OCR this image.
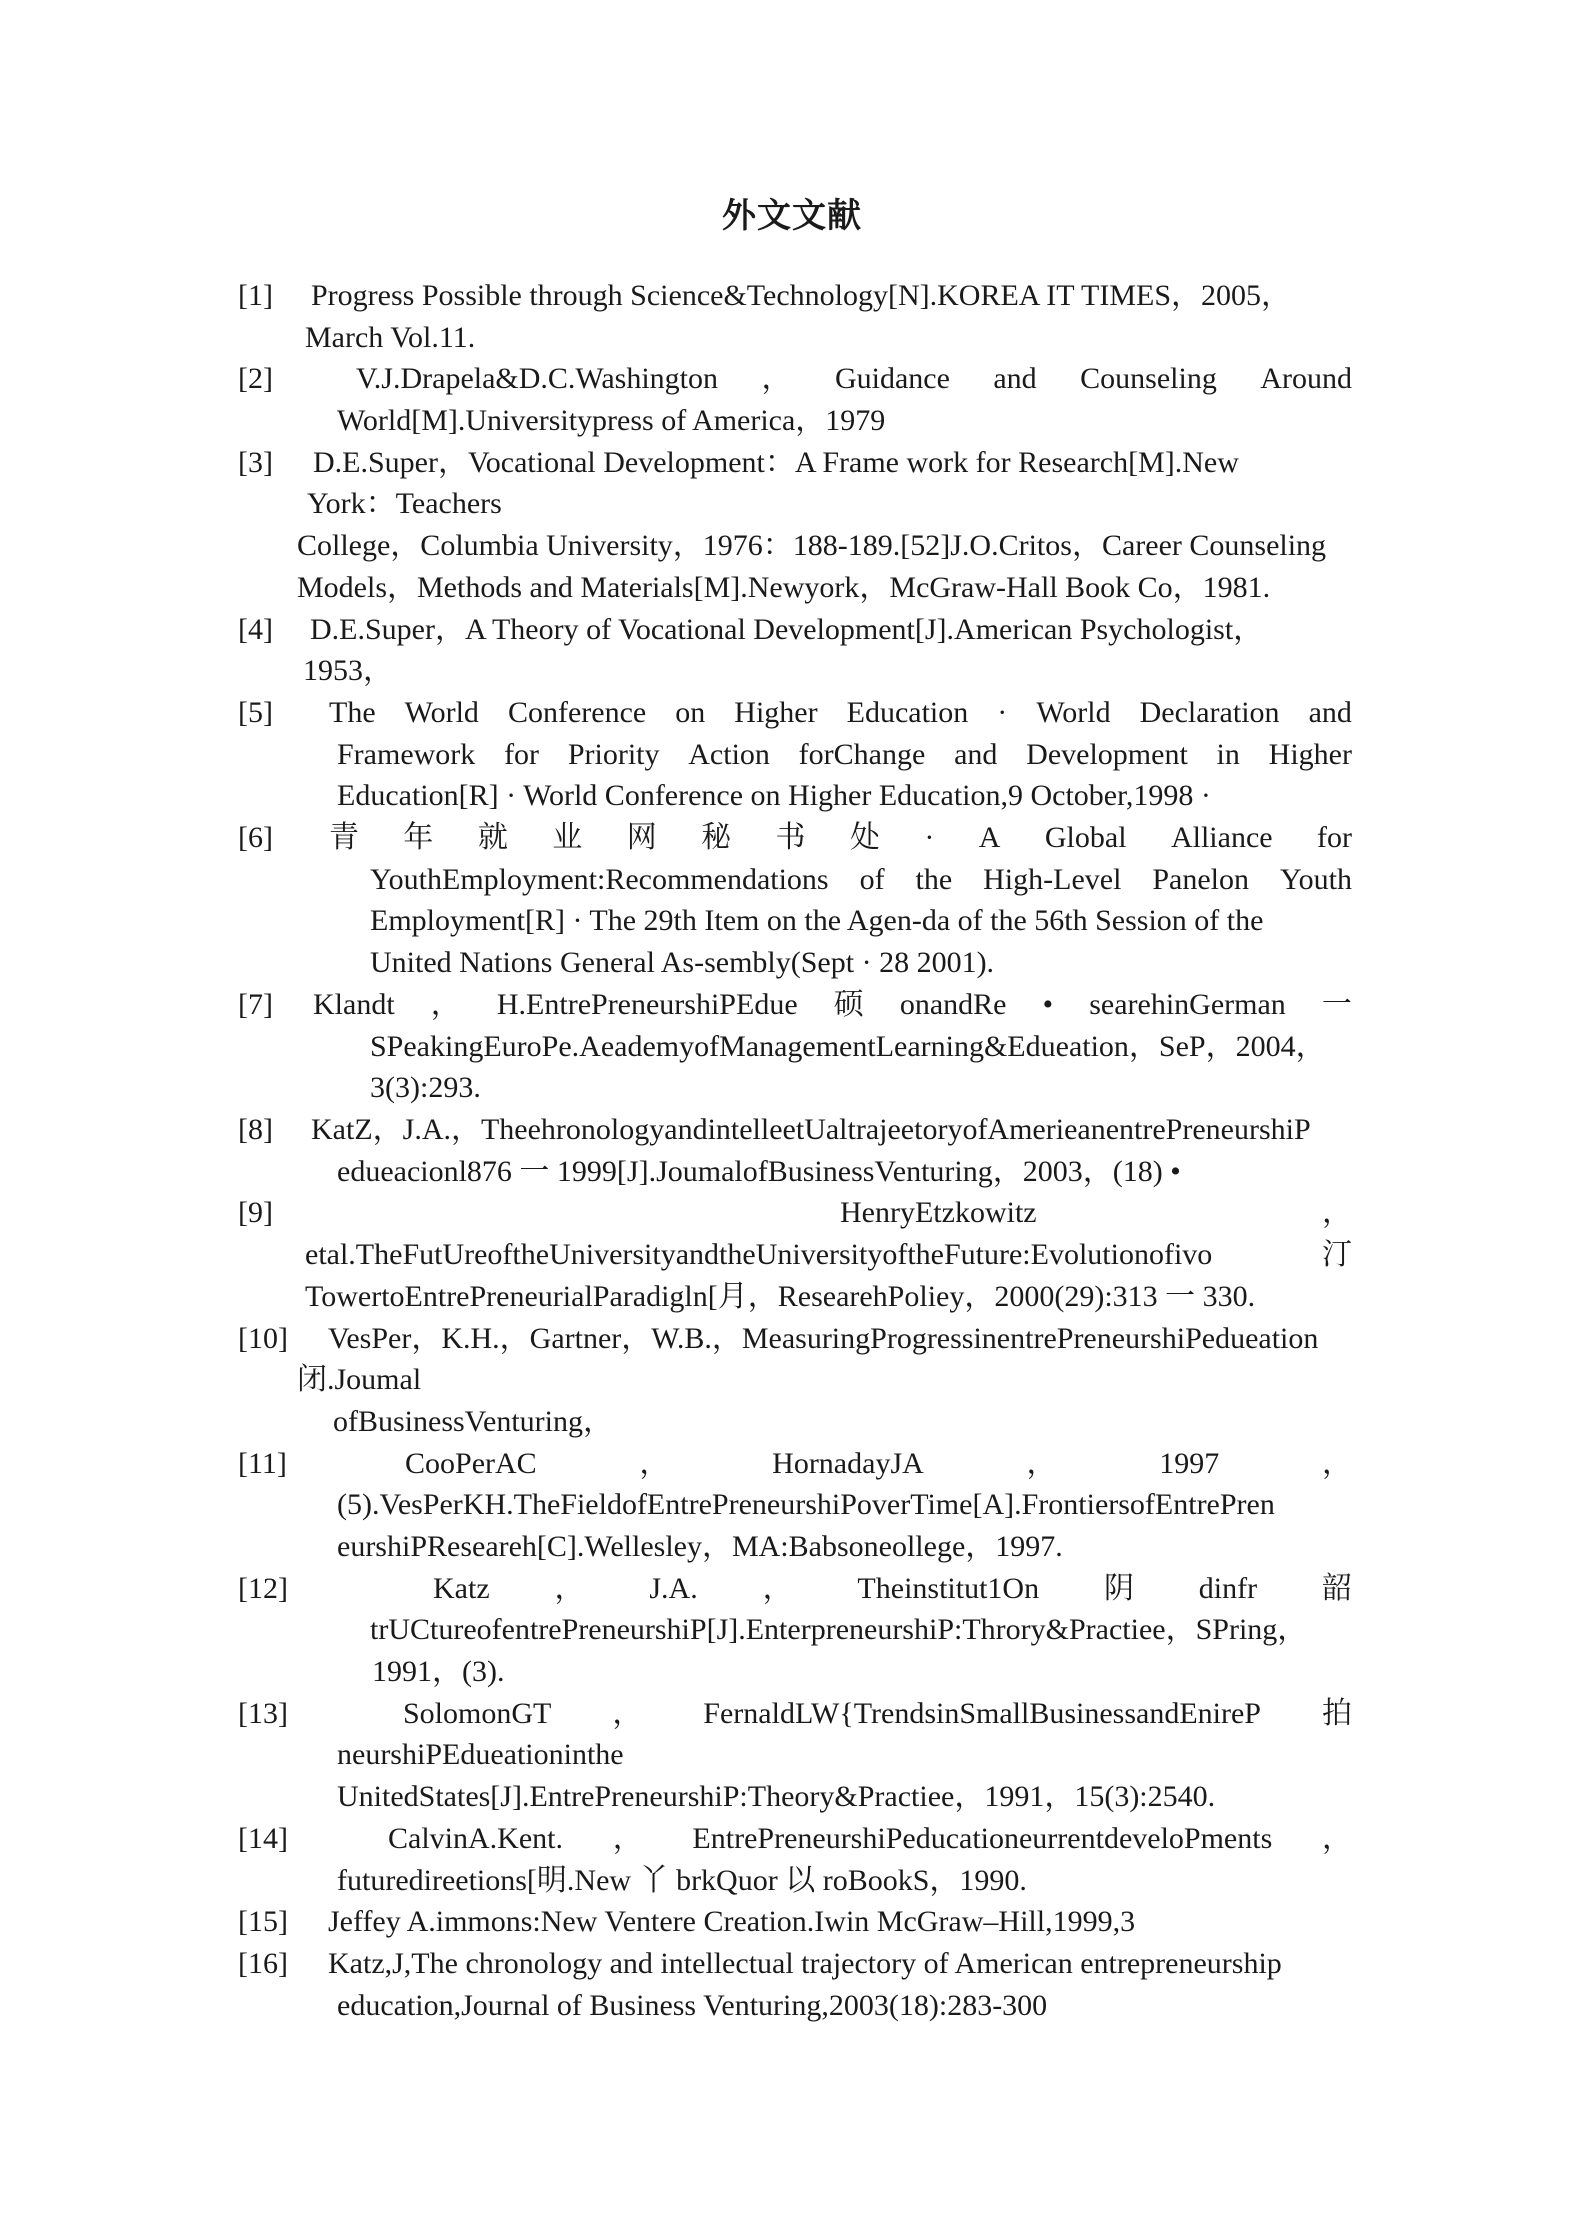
外文文献
[1] Progress Possible through Science&Technology[N].KOREA IT TIMES，2005，
March Vol.11.
[2]	V.J.Drapela&D.C.Washington ， Guidance and Counseling Around
World[M].Universitypress of America，1979
[3] D.E.Super，Vocational Development：A Frame work for Research[M].New
York：Teachers
College，Columbia University，1976：188-189.[52]J.O.Critos，Career Counseling
Models，Methods and Materials[M].Newyork，McGraw-Hall Book Co，1981.
[4] D.E.Super，A Theory of Vocational Development[J].American Psychologist，
1953，
[5] The World Conference on Higher Education · World Declaration and
Framework for Priority Action forChange and Development in Higher
Education[R] · World Conference on Higher Education,9 October,1998 ·
[6] 青 年 就 业 网 秘 书 处 · A Global Alliance for
YouthEmployment:Recommendations of the High-Level Panelon Youth
Employment[R] · The 29th Item on the Agen-da of the 56th Session of the
United Nations General As-sembly(Sept · 28 2001).
[7] Klandt ， H.EntrePreneurshiPEdue 硕 onandRe • searehinGerman 一
SPeakingEuroPe.AeademyofManagementLearning&Edueation，SeP，2004，
3(3):293.
[8] KatZ，J.A.，TheehronologyandintelleetUaltrajeetoryofAmerieanentrePreneurshiP
edueacionl876 一 1999[J].JoumalofBusinessVenturing，2003，(18) •
[9]	HenryEtzkowitz	，
etal.TheFutUreoftheUniversityandtheUniversityoftheFuture:Evolutionofivo	汀
TowertoEntrePreneurialParadigln[月，ResearehPoliey，2000(29):313 一 330.
[10] VesPer，K.H.，Gartner，W.B.，MeasuringProgressinentrePreneurshiPedueation
闭.Joumal
ofBusinessVenturing，
[11]	CooPerAC	，	HornadayJA	，	1997	，
(5).VesPerKH.TheFieldofEntrePreneurshiPoverTime[A].FrontiersofEntrePren
eurshiPReseareh[C].Wellesley，MA:Babsoneollege，1997.
[12]	Katz ， J.A. ， Theinstitut1On 阴 dinfr 韶
trUCtureofentrePreneurshiP[J].EnterpreneurshiP:Throry&Practiee，SPring，
1991，(3).
[13]	SolomonGT ， FernaldLW{TrendsinSmallBusinessandEnireP 拍
neurshiPEdueationinthe
UnitedStates[J].EntrePreneurshiP:Theory&Practiee，1991，15(3):2540.
[14]	CalvinA.Kent. ， EntrePreneurshiPeducationeurrentdeveloPments ，
futuredireetions[明.New 丫 brkQuor 以 roBookS，1990.
[15] Jeffey A.immons:New Ventere Creation.Iwin McGraw–Hill,1999,3
[16] Katz,J,The chronology and intellectual trajectory of American entrepreneurship
education,Journal of Business Venturing,2003(18):283-300
